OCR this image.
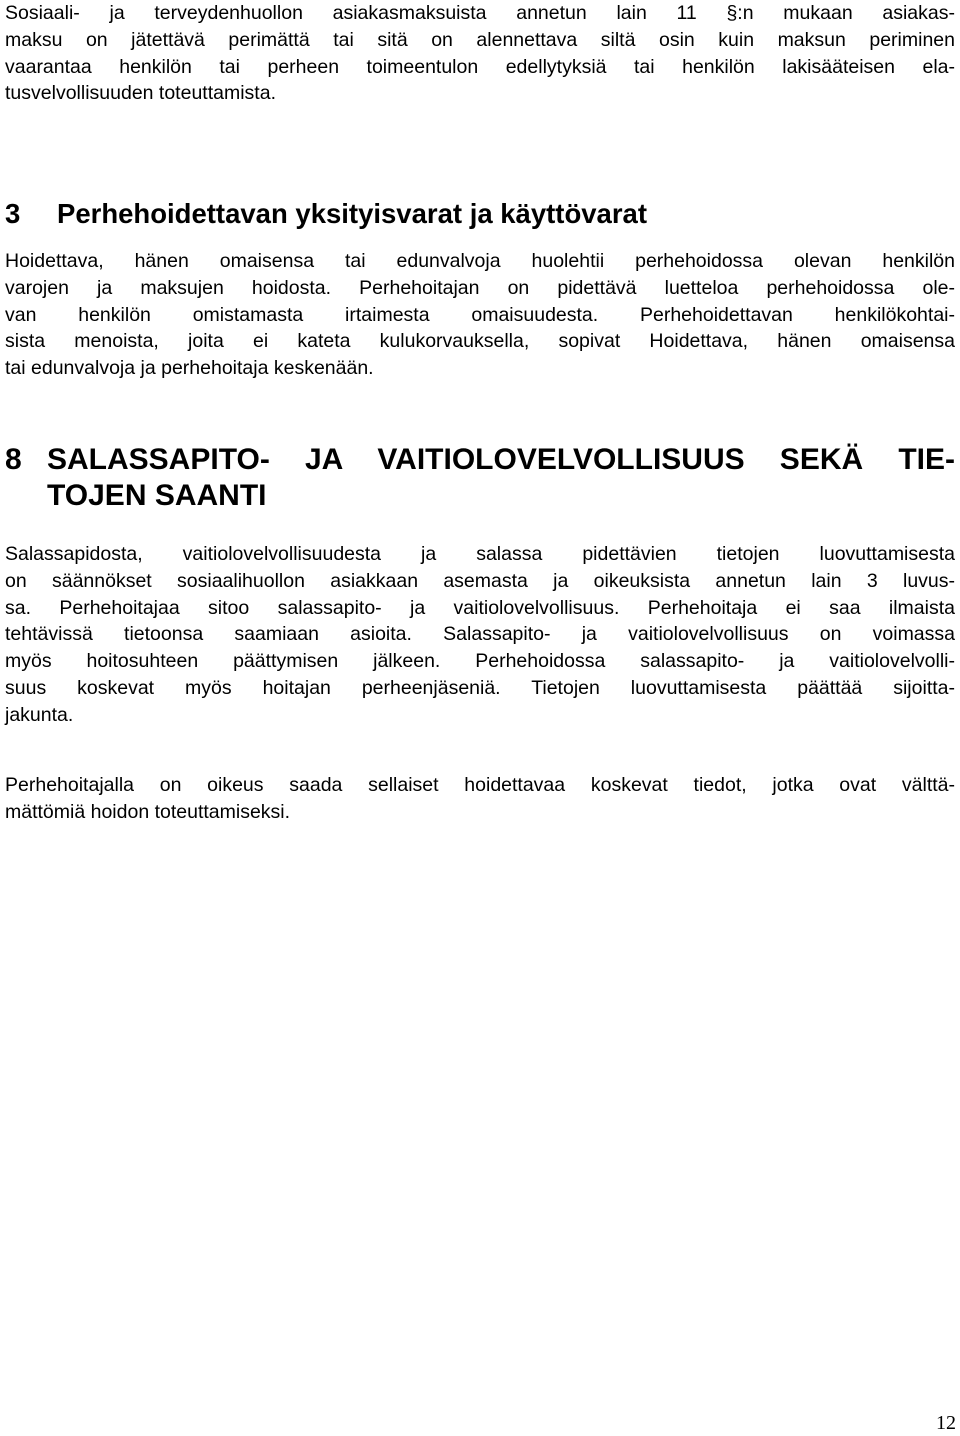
Sosiaali- ja terveydenhuollon asiakasmaksuista annetun lain 11 §:n mukaan asiakas-
maksu on jätettävä perimättä tai sitä on alennettava siltä osin kuin maksun periminen
vaarantaa henkilön tai perheen toimeentulon edellytyksiä tai henkilön lakisääteisen ela-
tusvelvollisuuden toteuttamista.

3 Perhehoidettavan yksityisvarat ja käyttövarat

Hoidettava, hänen omaisensa tai edunvalvoja huolehtii perhehoidossa olevan henkilön
varojen ja maksujen hoidosta. Perhehoitajan on pidettävä luetteloa perhehoidossa ole-
van henkilön omistamasta irtaimesta omaisuudesta. Perhehoidettavan henkilökohtai-
sista menoista, joita ei kateta kulukorvauksella, sopivat Hoidettava, hänen omaisensa
tai edunvalvoja ja perhehoitaja keskenään.

8 SALASSAPITO- JA VAITIOLOVELVOLLISUUS SEKÄ TIE-
TOJEN SAANTI

Salassapidosta, vaitiolovelvollisuudesta ja salassa pidettävien tietojen luovuttamisesta
on säännökset sosiaalihuollon asiakkaan asemasta ja oikeuksista annetun lain 3 luvus-
sa. Perhehoitajaa sitoo salassapito- ja vaitiolovelvollisuus. Perhehoitaja ei saa ilmaista
tehtävissä tietoonsa saamiaan asioita. Salassapito- ja vaitiolovelvollisuus on voimassa
myös hoitosuhteen päättymisen jälkeen. Perhehoidossa salassapito- ja vaitiolovelvolli-
suus koskevat myös hoitajan perheenjäseniä. Tietojen luovuttamisesta päättää sijoitta-
jakunta.

Perhehoitajalla on oikeus saada sellaiset hoidettavaa koskevat tiedot, jotka ovat välttä-
mättömiä hoidon toteuttamiseksi.

12
